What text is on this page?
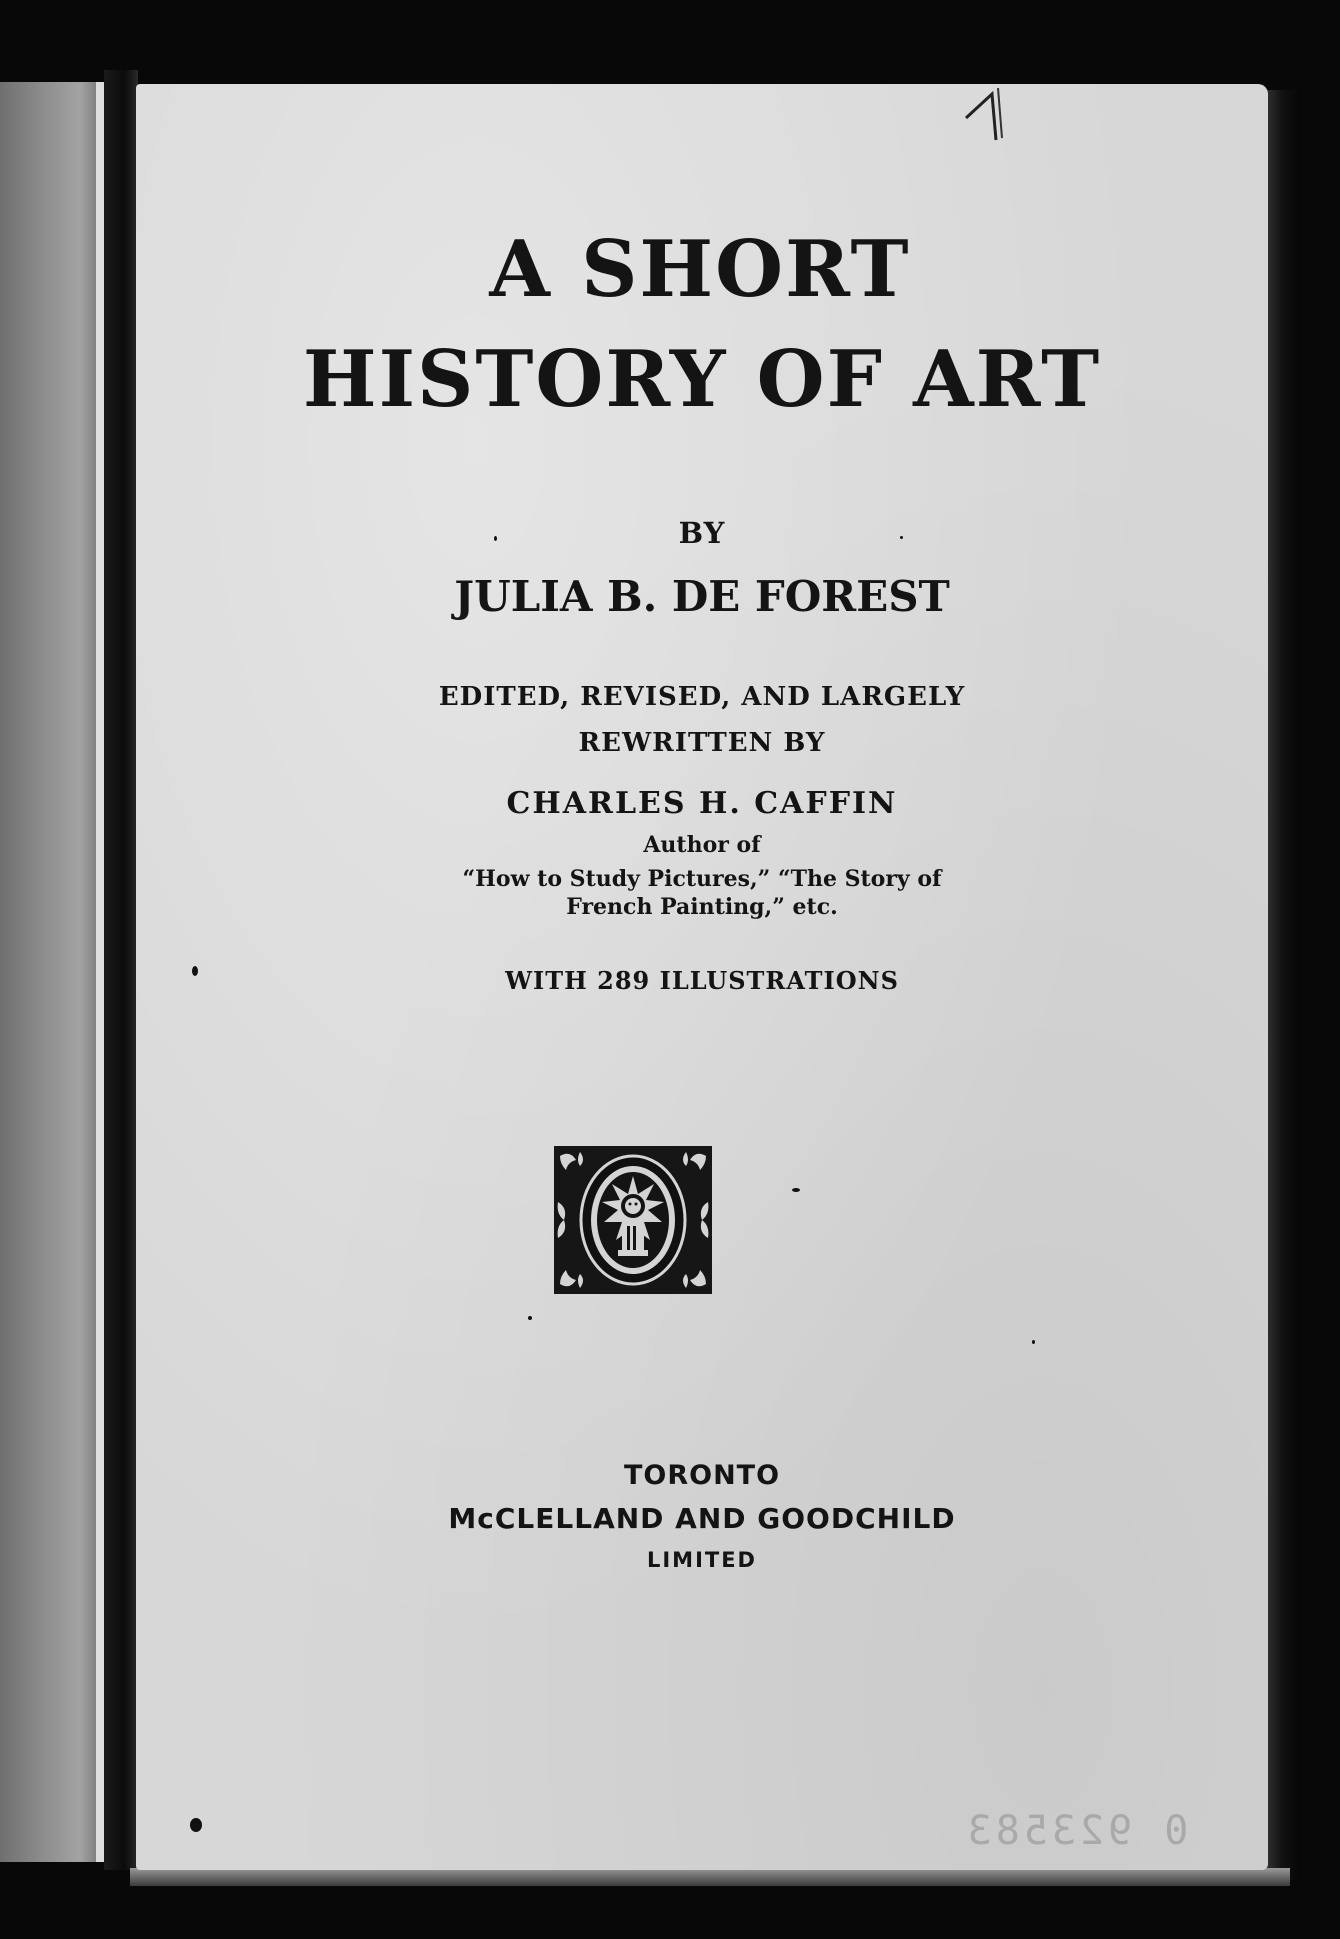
A SHORT

HISTORY OF ART

BY

JULIA B. DE FOREST

EDITED, REVISED, AND LARGELY

REWRITTEN BY

CHARLES H. CAFFIN

Author of

“How to Study Pictures,” “The Story of

French Painting,” etc.

WITH 289 ILLUSTRATIONS

TORONTO

McCLELLAND AND GOODCHILD

LIMITED

0 923583
